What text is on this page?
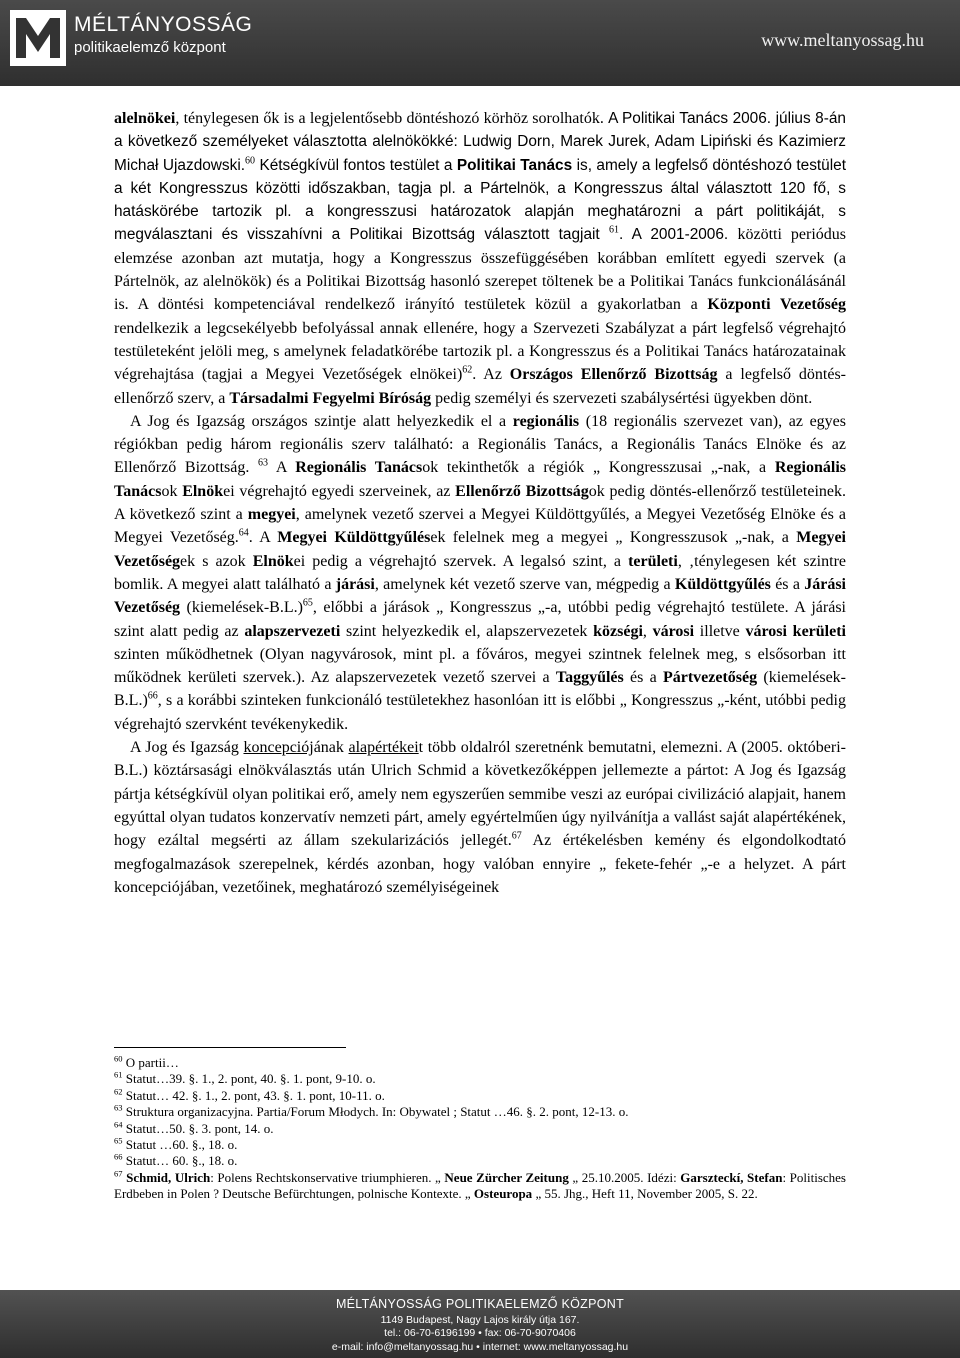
MÉLTÁNYOSSÁG
politikaelemző központ	www.meltanyossag.hu

alelnökei, ténylegesen ők is a legjelentősebb döntéshozó körhöz sorolhatók. A Politikai Tanács 2006. július 8-án a következő személyeket választotta alelnökökké: Ludwig Dorn, Marek Jurek, Adam Lipiński és Kazimierz Michał Ujazdowski.$^{60}$ Kétségkívül fontos testület a Politikai Tanács is, amely a legfelső döntéshozó testület a két Kongresszus közötti időszakban, tagja pl. a Pártelnök, a Kongresszus által választott 120 fő, s hatáskörébe tartozik pl. a kongresszusi határozatok alapján meghatározni a párt politikáját, s megválasztani és visszahívni a Politikai Bizottság választott tagjait $^{61}$. A 2001-2006. közötti periódus elemzése azonban azt mutatja, hogy a Kongresszus összefüggésében korábban említett egyedi szervek (a Pártelnök, az alelnökök) és a Politikai Bizottság hasonló szerepet töltenek be a Politikai Tanács funkcionálásánál is. A döntési kompetenciával rendelkező irányító testületek közül a gyakorlatban a Központi Vezetőség rendelkezik a legcsekélyebb befolyással annak ellenére, hogy a Szervezeti Szabályzat a párt legfelső végrehajtó testületeként jelöli meg, s amelynek feladatkörébe tartozik pl. a Kongresszus és a Politikai Tanács határozatainak végrehajtása (tagjai a Megyei Vezetőségek elnökei)$^{62}$. Az Országos Ellenőrző Bizottság a legfelső döntés-ellenőrző szerv, a Társadalmi Fegyelmi Bíróság pedig személyi és szervezeti szabálysértési ügyekben dönt.

A Jog és Igazság országos szintje alatt helyezkedik el a regionális (18 regionális szervezet van), az egyes régiókban pedig három regionális szerv található: a Regionális Tanács, a Regionális Tanács Elnöke és az Ellenőrző Bizottság. $^{63}$ A Regionális Tanácsok tekinthetők a régiók „ Kongresszusai „-nak, a Regionális Tanácsok Elnökei végrehajtó egyedi szerveinek, az Ellenőrző Bizottságok pedig döntés-ellenőrző testületeinek. A következő szint a megyei, amelynek vezető szervei a Megyei Küldöttgyűlés, a Megyei Vezetőség Elnöke és a Megyei Vezetőség.$^{64}$. A Megyei Küldöttgyűlések felelnek meg a megyei „ Kongresszusok „-nak, a Megyei Vezetőségek s azok Elnökei pedig a végrehajtó szervek. A legalsó szint, a területi, ‚ténylegesen két szintre bomlik. A megyei alatt található a járási, amelynek két vezető szerve van, mégpedig a Küldöttgyűlés és a Járási Vezetőség (kiemelések-B.L.)$^{65}$, előbbi a járások „ Kongresszus „-a, utóbbi pedig végrehajtó testülete. A járási szint alatt pedig az alapszervezeti szint helyezkedik el, alapszervezetek községi, városi illetve városi kerületi szinten működhetnek (Olyan nagyvárosok, mint pl. a főváros, megyei szintnek felelnek meg, s elsősorban itt működnek kerületi szervek.). Az alapszervezetek vezető szervei a Taggyűlés és a Pártvezetőség (kiemelések-B.L.)$^{66}$, s a korábbi szinteken funkcionáló testületekhez hasonlóan itt is előbbi „ Kongresszus „-ként, utóbbi pedig végrehajtó szervként tevékenykedik.

A Jog és Igazság koncepciójának alapértékeit több oldalról szeretnénk bemutatni, elemezni. A (2005. októberi-B.L.) köztársasági elnökválasztás után Ulrich Schmid a következőképpen jellemezte a pártot: A Jog és Igazság pártja kétségkívül olyan politikai erő, amely nem egyszerűen semmibe veszi az európai civilizáció alapjait, hanem egyúttal olyan tudatos konzervatív nemzeti párt, amely egyértelműen úgy nyilvánítja a vallást saját alapértékének, hogy ezáltal megsérti az állam szekularizációs jellegét.$^{67}$ Az értékelésben kemény és elgondolkodtató megfogalmazások szerepelnek, kérdés azonban, hogy valóban ennyire „ fekete-fehér „-e a helyzet. A párt koncepciójában, vezetőinek, meghatározó személyiségeinek

$^{60}$ O partii…

$^{61}$ Statut…39. §. 1., 2. pont, 40. §. 1. pont, 9-10. o.

$^{62}$ Statut… 42. §. 1., 2. pont, 43. §. 1. pont, 10-11. o.

$^{63}$ Struktura organizacyjna. Partia/Forum Młodych. In: Obywatel ; Statut …46. §. 2. pont, 12-13. o.

$^{64}$ Statut…50. §. 3. pont, 14. o.

$^{65}$ Statut …60. §., 18. o.

$^{66}$ Statut… 60. §., 18. o.

$^{67}$ Schmid, Ulrich: Polens Rechtskonservative triumphieren. „ Neue Zürcher Zeitung „ 25.10.2005. Idézi: Garszteckí, Stefan: Politisches Erdbeben in Polen ? Deutsche Befürchtungen, polnische Kontexte. „ Osteuropa „ 55. Jhg., Heft 11, November 2005, S. 22.

MÉLTÁNYOSSÁG POLITIKAELEMZŐ KÖZPONT
1149 Budapest, Nagy Lajos király útja 167.
tel.: 06-70-6196199 • fax: 06-70-9070406
e-mail: info@meltanyossag.hu • internet: www.meltanyossag.hu
